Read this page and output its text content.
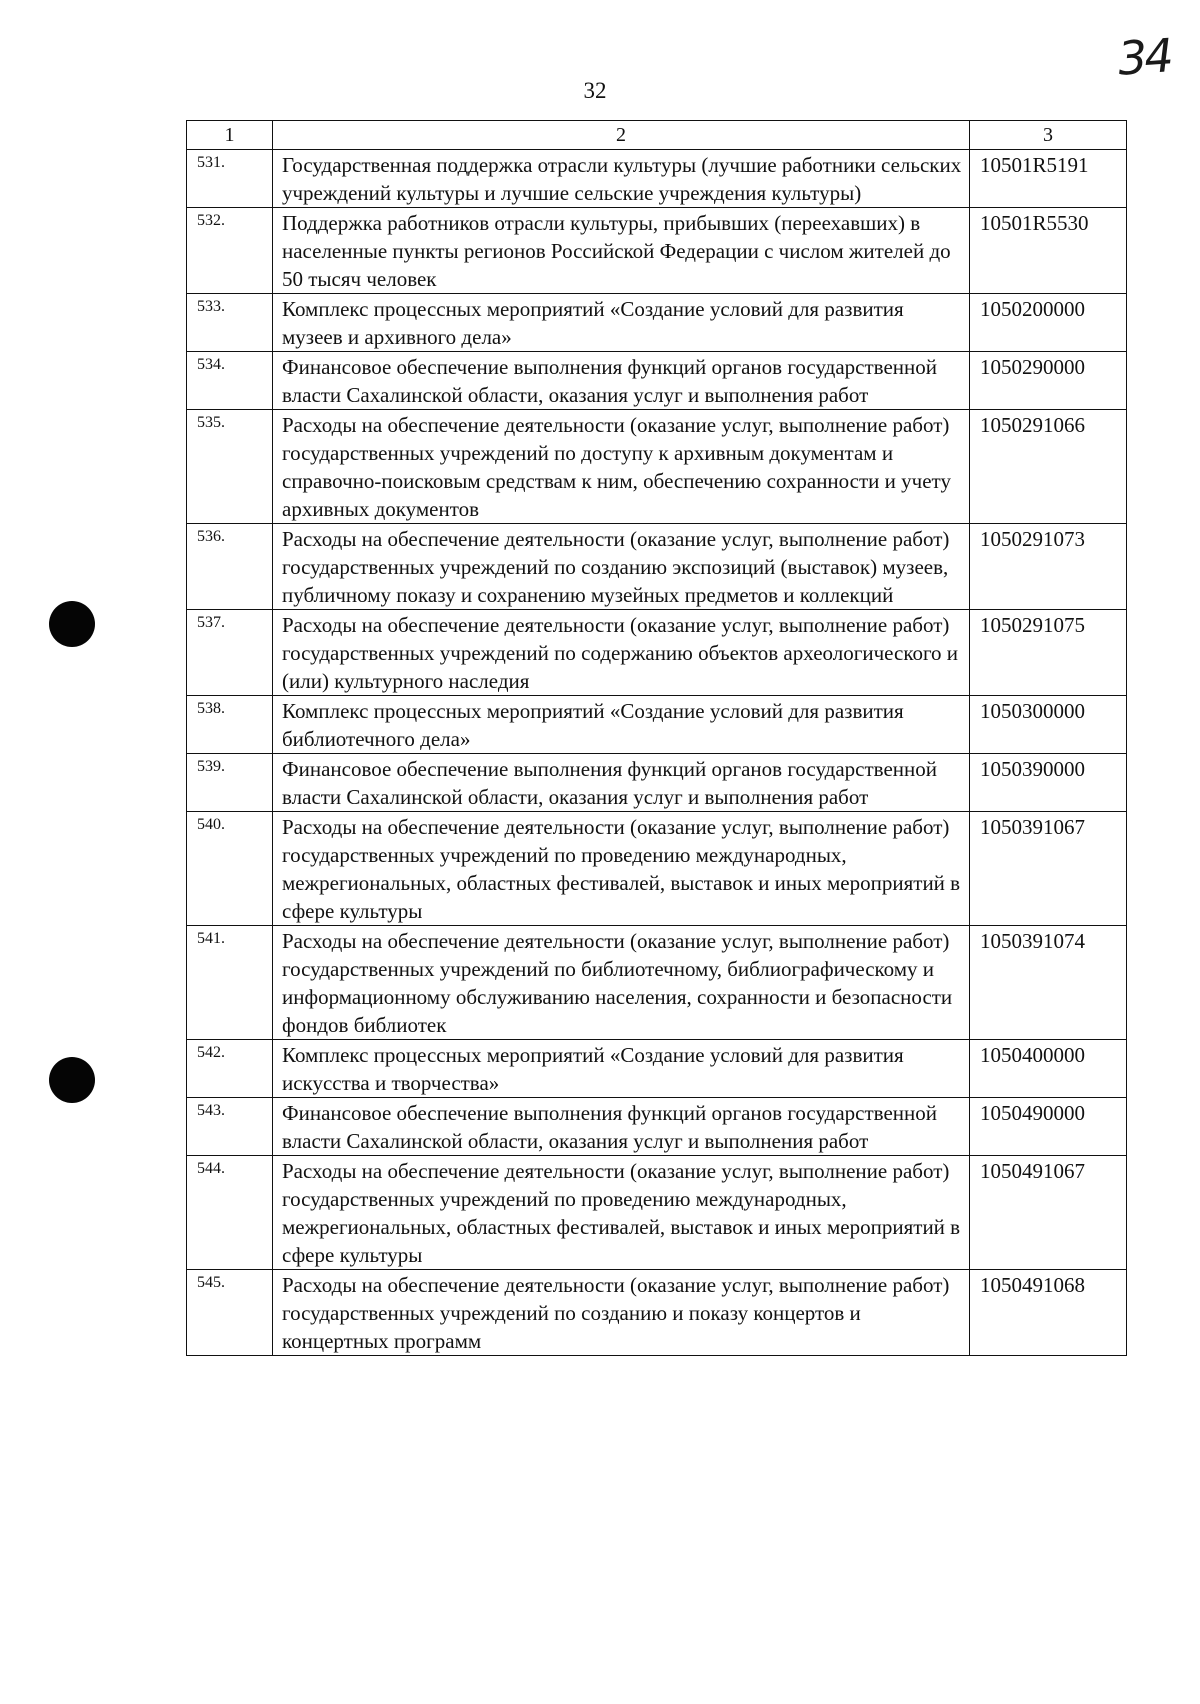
32
34
1	2	3
531.	Государственная поддержка отрасли культуры (лучшие работники сельских учреждений культуры и лучшие сельские учреждения культуры)	10501R5191
532.	Поддержка работников отрасли культуры, прибывших (переехавших) в населенные пункты регионов Российской Федерации с числом жителей до 50 тысяч человек	10501R5530
533.	Комплекс процессных мероприятий «Создание условий для развития музеев и архивного дела»	1050200000
534.	Финансовое обеспечение выполнения функций органов государственной власти Сахалинской области, оказания услуг и выполнения работ	1050290000
535.	Расходы на обеспечение деятельности (оказание услуг, выполнение работ) государственных учреждений по доступу к архивным документам и справочно-поисковым средствам к ним, обеспечению сохранности и учету архивных документов	1050291066
536.	Расходы на обеспечение деятельности (оказание услуг, выполнение работ) государственных учреждений по созданию экспозиций (выставок) музеев, публичному показу и сохранению музейных предметов и коллекций	1050291073
537.	Расходы на обеспечение деятельности (оказание услуг, выполнение работ) государственных учреждений по содержанию объектов археологического и (или) культурного наследия	1050291075
538.	Комплекс процессных мероприятий «Создание условий для развития библиотечного дела»	1050300000
539.	Финансовое обеспечение выполнения функций органов государственной власти Сахалинской области, оказания услуг и выполнения работ	1050390000
540.	Расходы на обеспечение деятельности (оказание услуг, выполнение работ) государственных учреждений по проведению международных, межрегиональных, областных фестивалей, выставок и иных мероприятий в сфере культуры	1050391067
541.	Расходы на обеспечение деятельности (оказание услуг, выполнение работ) государственных учреждений по библиотечному, библиографическому и информационному обслуживанию населения, сохранности и безопасности фондов библиотек	1050391074
542.	Комплекс процессных мероприятий «Создание условий для развития искусства и творчества»	1050400000
543.	Финансовое обеспечение выполнения функций органов государственной власти Сахалинской области, оказания услуг и выполнения работ	1050490000
544.	Расходы на обеспечение деятельности (оказание услуг, выполнение работ) государственных учреждений по проведению международных, межрегиональных, областных фестивалей, выставок и иных мероприятий в сфере культуры	1050491067
545.	Расходы на обеспечение деятельности (оказание услуг, выполнение работ) государственных учреждений по созданию и показу концертов и концертных программ	1050491068
